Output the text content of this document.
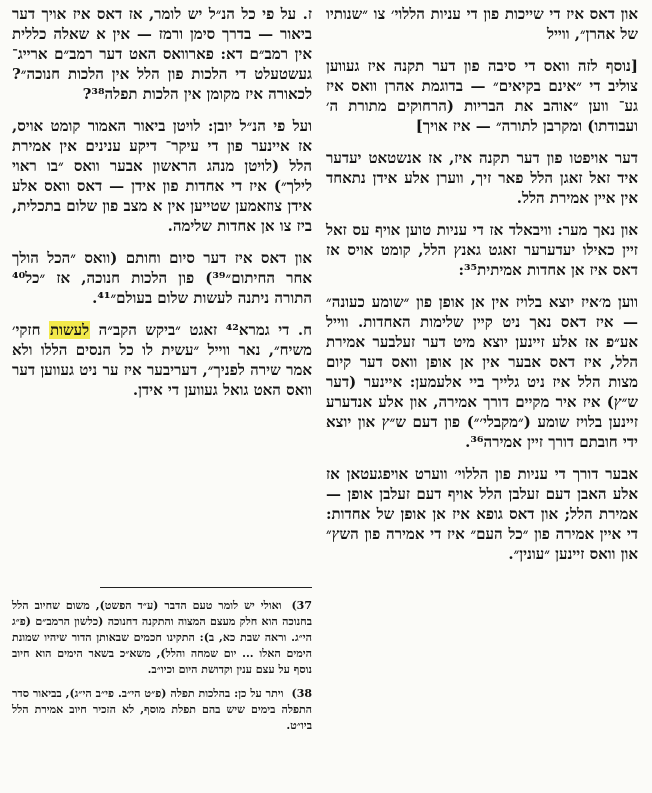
און דאס איז די שייכות פון די עניות הללוי׳ צו ״שנותיו של אהרן״, ווייל

[נוסף לזה וואס די סיבה פון דער תקנה איז געווען צוליב די ״אינם בקיאים״ — בדוגמת אהרן וואס איז גע־ ווען ״אוהב את הבריות (הרחוקים מתורת ה׳ ועבודתו) ומקרבן לתורה״ — איז אויך]

דער אויפטו פון דער תקנה איז, אז אנשטאט יעדער איד זאל זאגן הלל פאר זיך, ווערן אלע אידן נתאחד אין איין אמירת הלל.

און נאך מער: וויבאלד אז די עניות טוען אויף עס זאל זיין כאילו יעדערער זאגט גאנץ הלל, קומט אויס אז דאס איז אן אחדות אמיתית³⁵:

ווען מ׳איז יוצא בלויז אין אן אופן פון ״שומע כעונה״ — איז דאס נאך ניט קיין שלימות האחדות. ווייל אע״פ אז אלע זיינען יוצא מיט דער זעלבער אמירת הלל, איז דאס אבער אין אן אופן וואס דער קיום מצות הלל איז ניט גלייך ביי אלעמען: איינער (דער ש״ץ) איז איר מקיים דורך אמירה, און אלע אנדערע זיינען בלויז שומע (״מקבלי׳״) פון דעם ש״ץ און יוצא ידי חובתם דורך זיין אמירה³⁶.

אבער דורך די עניות פון הללוי׳ ווערט אויפגעטאן אז אלע האבן דעם זעלבן הלל אויף דעם זעלבן אופן — אמירת הלל; און דאס גופא איז אן אופן של אחדות: די איין אמירה פון ״כל העם״ איז די אמירה פון השץ״ און וואס זיינען ״עונין״.

ז. על פי כל הנ״ל יש לומר, אז דאס איז אויך דער ביאור — בדרך סימן ורמז — אין א שאלה כללית אין רמב״ם דא: פארוואס האט דער רמב״ם ארייג־ געשטעלט די הלכות פון הלל אין הלכות חנוכה״? לכאורה איז מקומן אין הלכות תפלה³⁸?

ועל פי הנ״ל יובן: לויטן ביאור האמור קומט אויס, אז איינער פון די עיקר־ דיקע ענינים אין אמירת הלל (לויטן מנהג הראשון אבער וואס ״בו ראוי לילך״) איז די אחדות פון אידן — דאס וואס אלע אידן צוזאמען שטייען אין א מצב פון שלום בתכלית, ביז צו אן אחדות שלימה.

און דאס איז דער סיום וחותם (וואס ״הכל הולך אחר החיתום״³⁹) פון הלכות חנוכה, אז ״כל⁴⁰ התורה ניתנה לעשות שלום בעולם״⁴¹.

ח. די גמרא⁴² זאגט ״ביקש הקב״ה לעשות חזקי׳ משיח״, נאר ווייל ״עשית לו כל הנסים הללו ולא אמר שירה לפניך״, דעריבער איז ער ניט געווען דער וואס האט גואל געווען די אידן.

37) ואולי יש לומר טעם הדבר (ע״ד הפשט), משום שחיוב הלל בחנוכה הוא חלק מעצם המצוה והתקנה דחנוכה (כלשון הרמב״ם (פ״ג הי״ג. וראה שבת כא, ב): התקינו חכמים שבאותן הדור שיהיו שמונת הימים האלו ... יום שמחה והלל), משא״כ בשאר הימים הוא חיוב נוסף על עצם ענין וקדושת היום וכיו״ב.
38) ויתר על כן: בהלכות תפלה (פ״ט הי״ב. פי״ב הי״ג), בביאור סדר התפלה בימים שיש בהם תפלת מוסף, לא הזכיר חיוב אמירת הלל ביו״ט.
